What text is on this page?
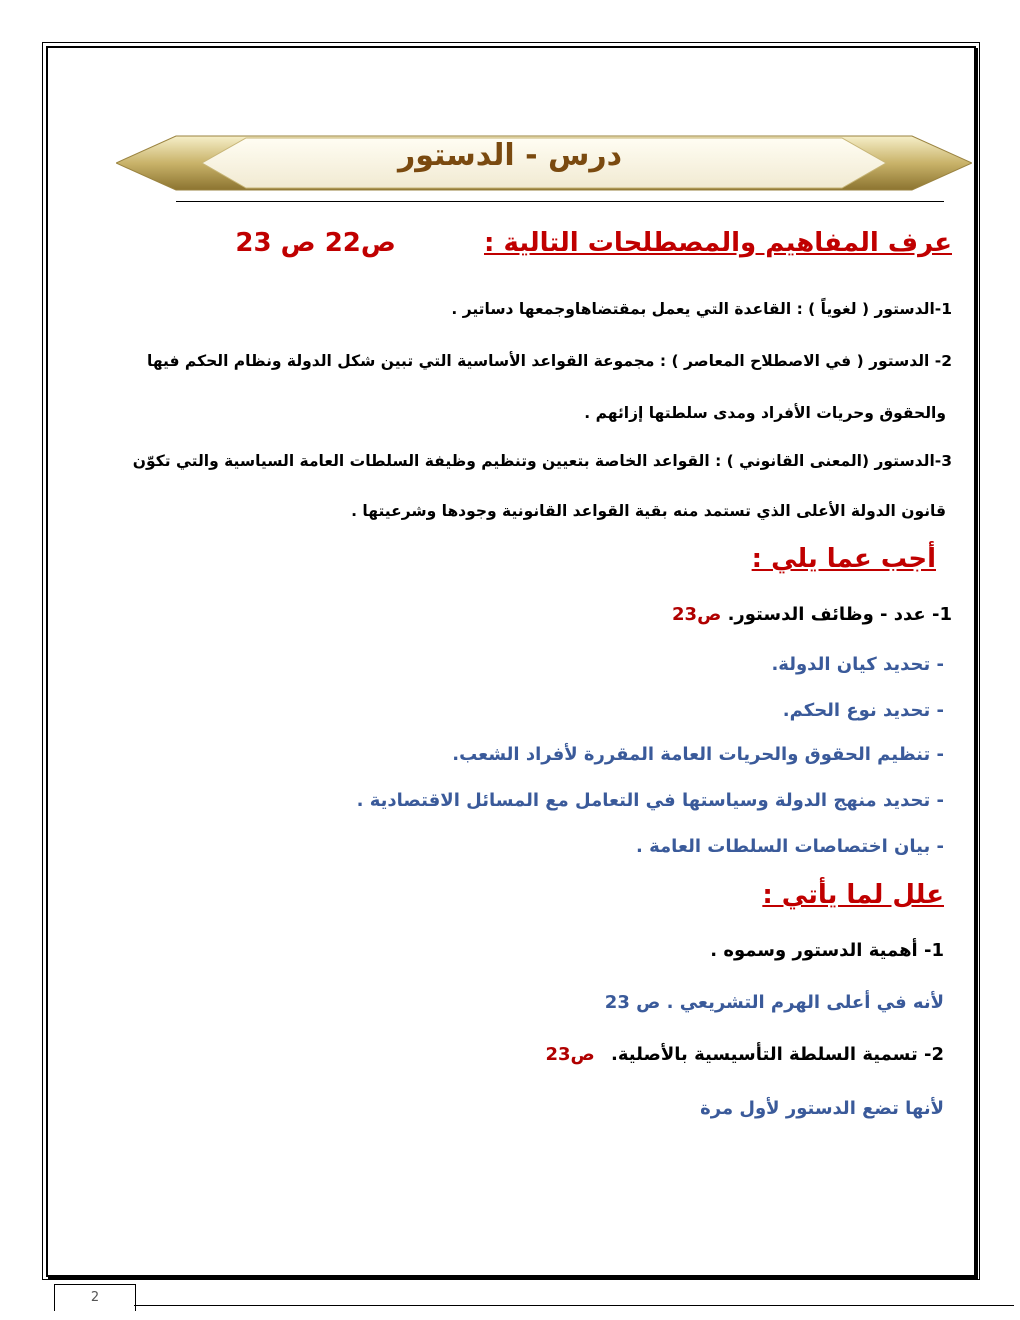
درس - الدستور
عرف المفاهيم والمصطلحات التالية :  ص22 ص 23
1-الدستور ( لغوياً ) : القاعدة التي يعمل بمقتضاهاوجمعها دساتير .
2- الدستور ( في الاصطلاح المعاصر ) : مجموعة القواعد الأساسية التي تبين شكل الدولة ونظام الحكم فيها
والحقوق وحريات الأفراد ومدى سلطتها إزائهم .
3-الدستور (المعنى القانوني ) : القواعد الخاصة بتعيين وتنظيم وظيفة السلطات العامة السياسية والتي تكوّن
قانون الدولة الأعلى الذي تستمد منه بقية القواعد القانونية وجودها وشرعيتها .
أجب عما يلي :
1- عدد - وظائف الدستور. ص23
- تحديد كيان الدولة.
- تحديد نوع الحكم.
- تنظيم الحقوق والحريات العامة المقررة لأفراد الشعب.
- تحديد منهج الدولة وسياستها في التعامل مع المسائل الاقتصادية .
- بيان اختصاصات السلطات العامة .
علل لما يأتي :
1- أهمية الدستور وسموه .
لأنه في أعلى الهرم التشريعي . ص 23
2- تسمية السلطة التأسيسية بالأصلية. ص23
لأنها تضع الدستور لأول مرة
2
